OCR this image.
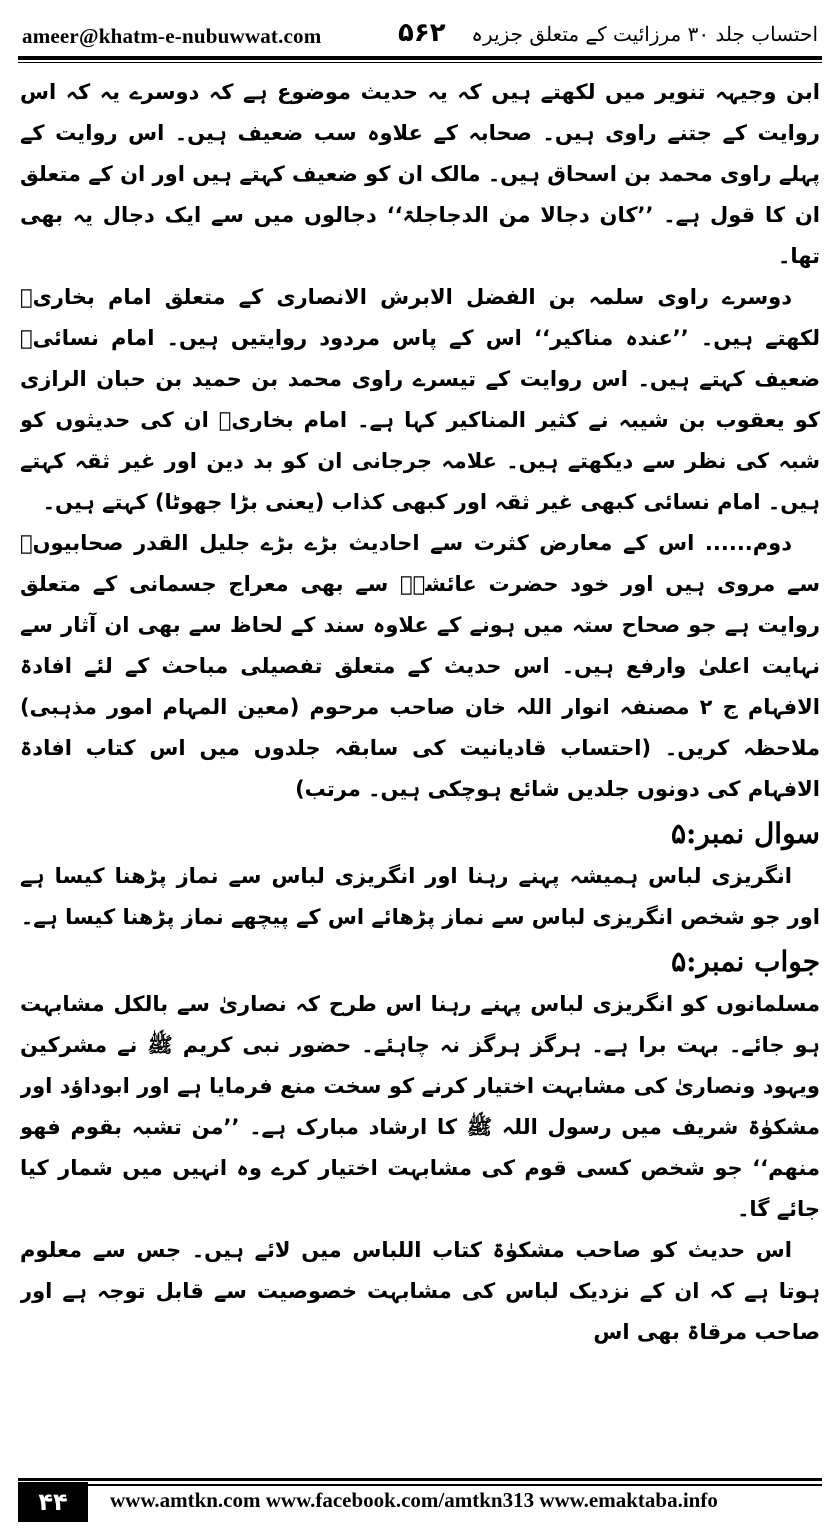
ameer@khatm-e-nubuwwat.com	۵۶۲ احتساب جلد ۳۰ مرزائیت کے متعلق جزیرہ

ابن وجیہہ تنویر میں لکھتے ہیں کہ یہ حدیث موضوع ہے کہ دوسرے یہ کہ اس روایت کے جتنے راوی ہیں۔ صحابہ کے علاوہ سب ضعیف ہیں۔ اس روایت کے پہلے راوی محمد بن اسحاق ہیں۔ مالک ان کو ضعیف کہتے ہیں اور ان کے متعلق ان کا قول ہے۔ ’’کان دجالا من الدجاجلۃ‘‘ دجالوں میں سے ایک دجال یہ بھی تھا۔

دوسرے راوی سلمہ بن الفضل الابرش الانصاری کے متعلق امام بخاریؒ لکھتے ہیں۔ ’’عندہ مناکیر‘‘ اس کے پاس مردود روایتیں ہیں۔ امام نسائیؒ ضعیف کہتے ہیں۔ اس روایت کے تیسرے راوی محمد بن حمید بن حبان الرازی کو یعقوب بن شیبہ نے کثیر المناکیر کہا ہے۔ امام بخاریؒ ان کی حدیثوں کو شبہ کی نظر سے دیکھتے ہیں۔ علامہ جرجانی ان کو بد دین اور غیر ثقہ کہتے ہیں۔ امام نسائی کبھی غیر ثقہ اور کبھی کذاب (یعنی بڑا جھوٹا) کہتے ہیں۔

دوم...... اس کے معارض کثرت سے احادیث بڑے بڑے جلیل القدر صحابیوںؓ سے مروی ہیں اور خود حضرت عائشہؓ سے بھی معراج جسمانی کے متعلق روایت ہے جو صحاح ستہ میں ہونے کے علاوہ سند کے لحاظ سے بھی ان آثار سے نہایت اعلیٰ وارفع ہیں۔ اس حدیث کے متعلق تفصیلی مباحث کے لئے افادۃ الافہام ج ۲ مصنفہ انوار اللہ خان صاحب مرحوم (معین المہام امور مذہبی) ملاحظہ کریں۔ (احتساب قادیانیت کی سابقہ جلدوں میں اس کتاب افادۃ الافہام کی دونوں جلدیں شائع ہوچکی ہیں۔ مرتب)

سوال نمبر:۵

انگریزی لباس ہمیشہ پہنے رہنا اور انگریزی لباس سے نماز پڑھنا کیسا ہے اور جو شخص انگریزی لباس سے نماز پڑھائے اس کے پیچھے نماز پڑھنا کیسا ہے۔

جواب نمبر:۵

مسلمانوں کو انگریزی لباس پہنے رہنا اس طرح کہ نصاریٰ سے بالکل مشابہت ہو جائے۔ بہت برا ہے۔ ہرگز ہرگز نہ چاہئے۔ حضور نبی کریم ﷺ نے مشرکین ویہود ونصاریٰ کی مشابہت اختیار کرنے کو سخت منع فرمایا ہے اور ابوداؤد اور مشکوٰۃ شریف میں رسول اللہ ﷺ کا ارشاد مبارک ہے۔ ’’من تشبہ بقوم فھو منھم‘‘ جو شخص کسی قوم کی مشابہت اختیار کرے وہ انہیں میں شمار کیا جائے گا۔

اس حدیث کو صاحب مشکوٰۃ کتاب اللباس میں لائے ہیں۔ جس سے معلوم ہوتا ہے کہ ان کے نزدیک لباس کی مشابہت خصوصیت سے قابل توجہ ہے اور صاحب مرقاۃ بھی اس

۴۴	www.amtkn.com www.facebook.com/amtkn313 www.emaktaba.info
